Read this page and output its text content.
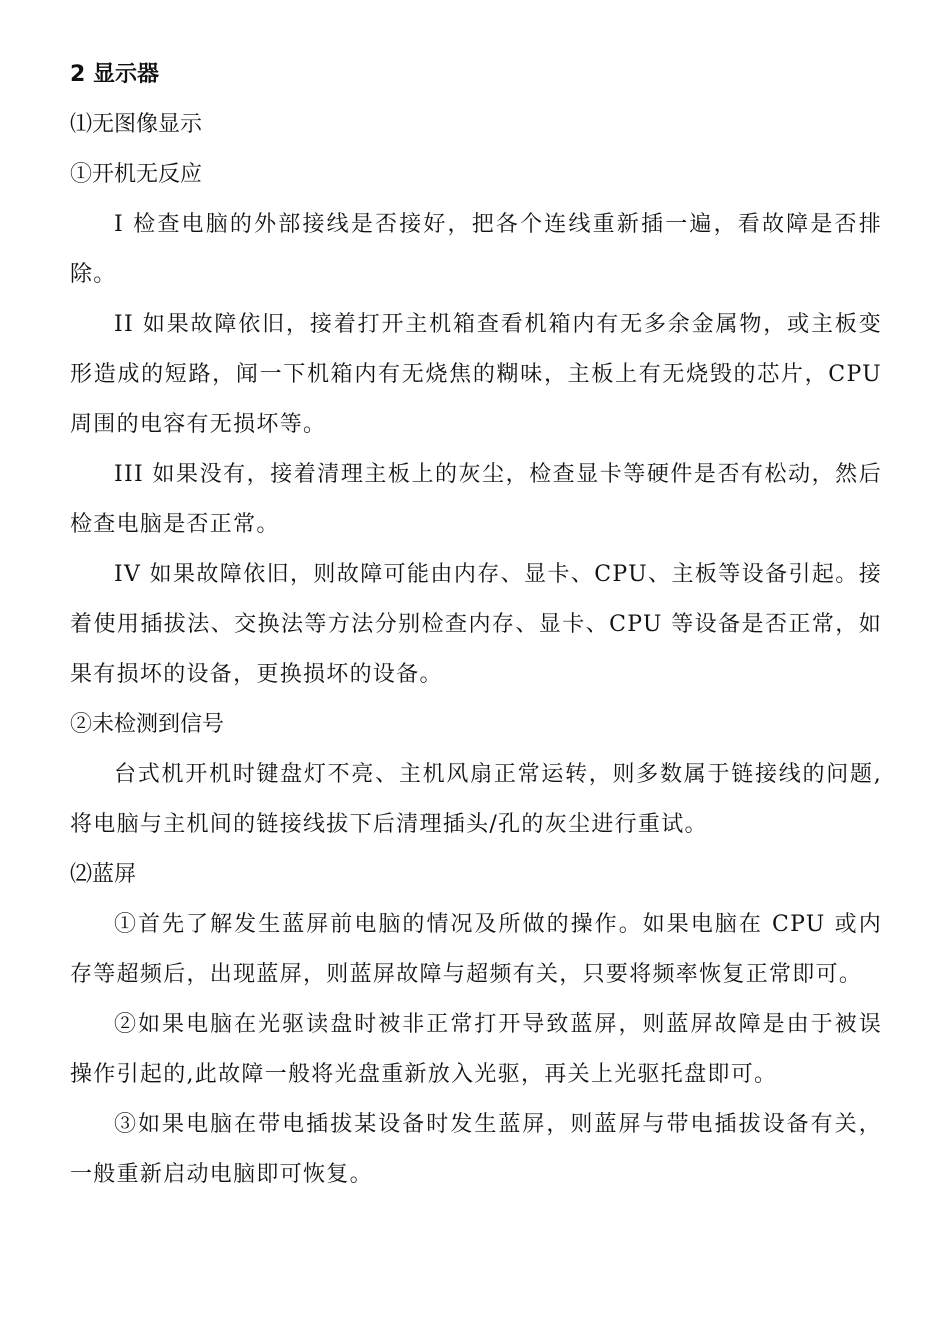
2 显示器

⑴无图像显示

①开机无反应

I 检查电脑的外部接线是否接好，把各个连线重新插一遍，看故障是否排除。

II 如果故障依旧，接着打开主机箱查看机箱内有无多余金属物，或主板变形造成的短路，闻一下机箱内有无烧焦的糊味，主板上有无烧毁的芯片，CPU 周围的电容有无损坏等。

III 如果没有，接着清理主板上的灰尘，检查显卡等硬件是否有松动，然后检查电脑是否正常。

IV 如果故障依旧，则故障可能由内存、显卡、CPU、主板等设备引起。接着使用插拔法、交换法等方法分别检查内存、显卡、CPU 等设备是否正常，如果有损坏的设备，更换损坏的设备。

②未检测到信号

台式机开机时键盘灯不亮、主机风扇正常运转，则多数属于链接线的问题,将电脑与主机间的链接线拔下后清理插头/孔的灰尘进行重试。

⑵蓝屏

①首先了解发生蓝屏前电脑的情况及所做的操作。如果电脑在 CPU 或内存等超频后，出现蓝屏，则蓝屏故障与超频有关，只要将频率恢复正常即可。

②如果电脑在光驱读盘时被非正常打开导致蓝屏，则蓝屏故障是由于被误操作引起的,此故障一般将光盘重新放入光驱，再关上光驱托盘即可。

③如果电脑在带电插拔某设备时发生蓝屏，则蓝屏与带电插拔设备有关，一般重新启动电脑即可恢复。
